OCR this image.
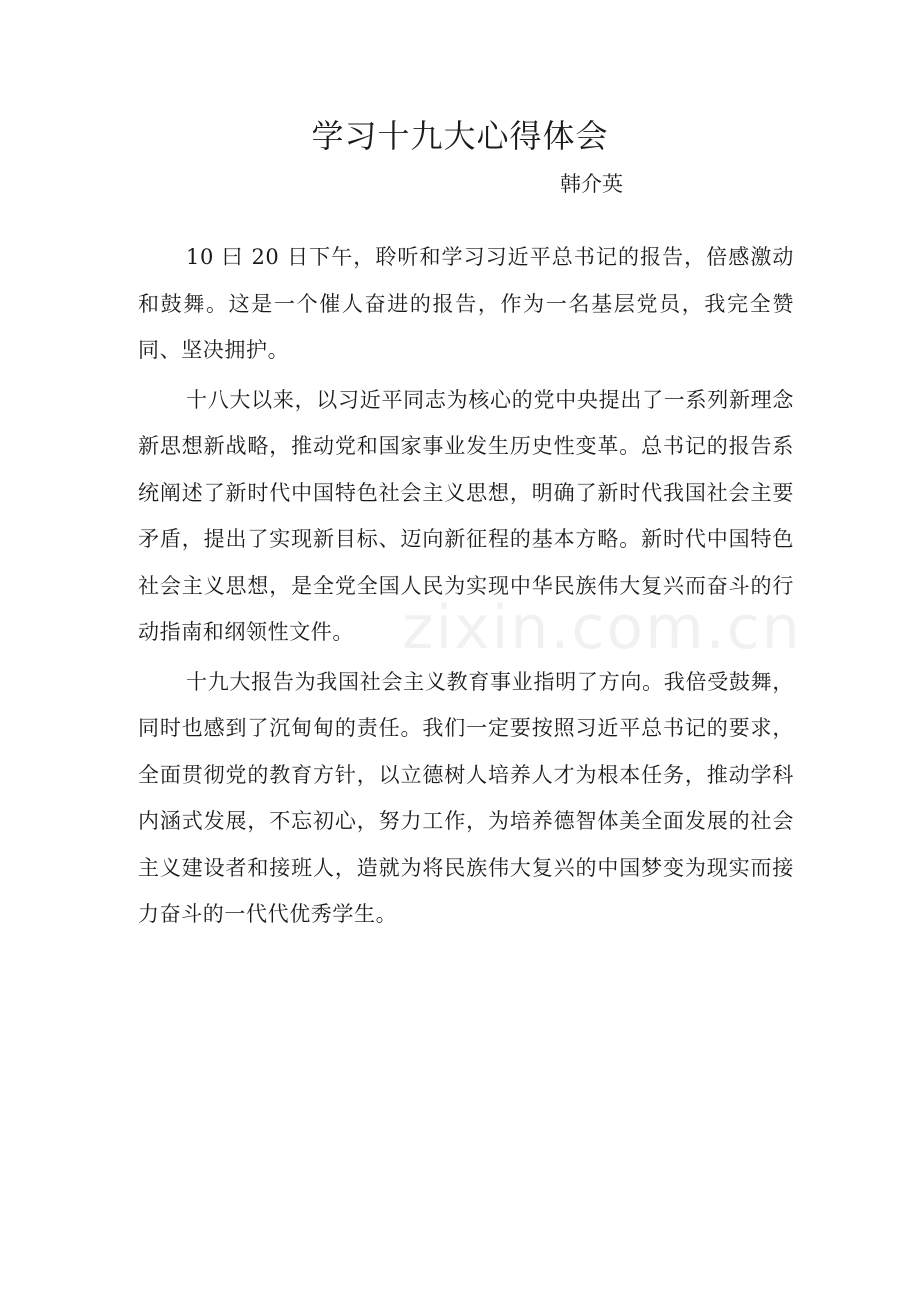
zixin.com.cn
学习十九大心得体会
韩介英

10 曰 20 日下午，聆听和学习习近平总书记的报告，倍感激动和鼓舞。这是一个催人奋进的报告，作为一名基层党员，我完全赞同、坚决拥护。

十八大以来，以习近平同志为核心的党中央提出了一系列新理念新思想新战略，推动党和国家事业发生历史性变革。总书记的报告系统阐述了新时代中国特色社会主义思想，明确了新时代我国社会主要矛盾，提出了实现新目标、迈向新征程的基本方略。新时代中国特色社会主义思想，是全党全国人民为实现中华民族伟大复兴而奋斗的行动指南和纲领性文件。

十九大报告为我国社会主义教育事业指明了方向。我倍受鼓舞，同时也感到了沉甸甸的责任。我们一定要按照习近平总书记的要求，全面贯彻党的教育方针，以立德树人培养人才为根本任务，推动学科内涵式发展，不忘初心，努力工作，为培养德智体美全面发展的社会主义建设者和接班人，造就为将民族伟大复兴的中国梦变为现实而接力奋斗的一代代优秀学生。
